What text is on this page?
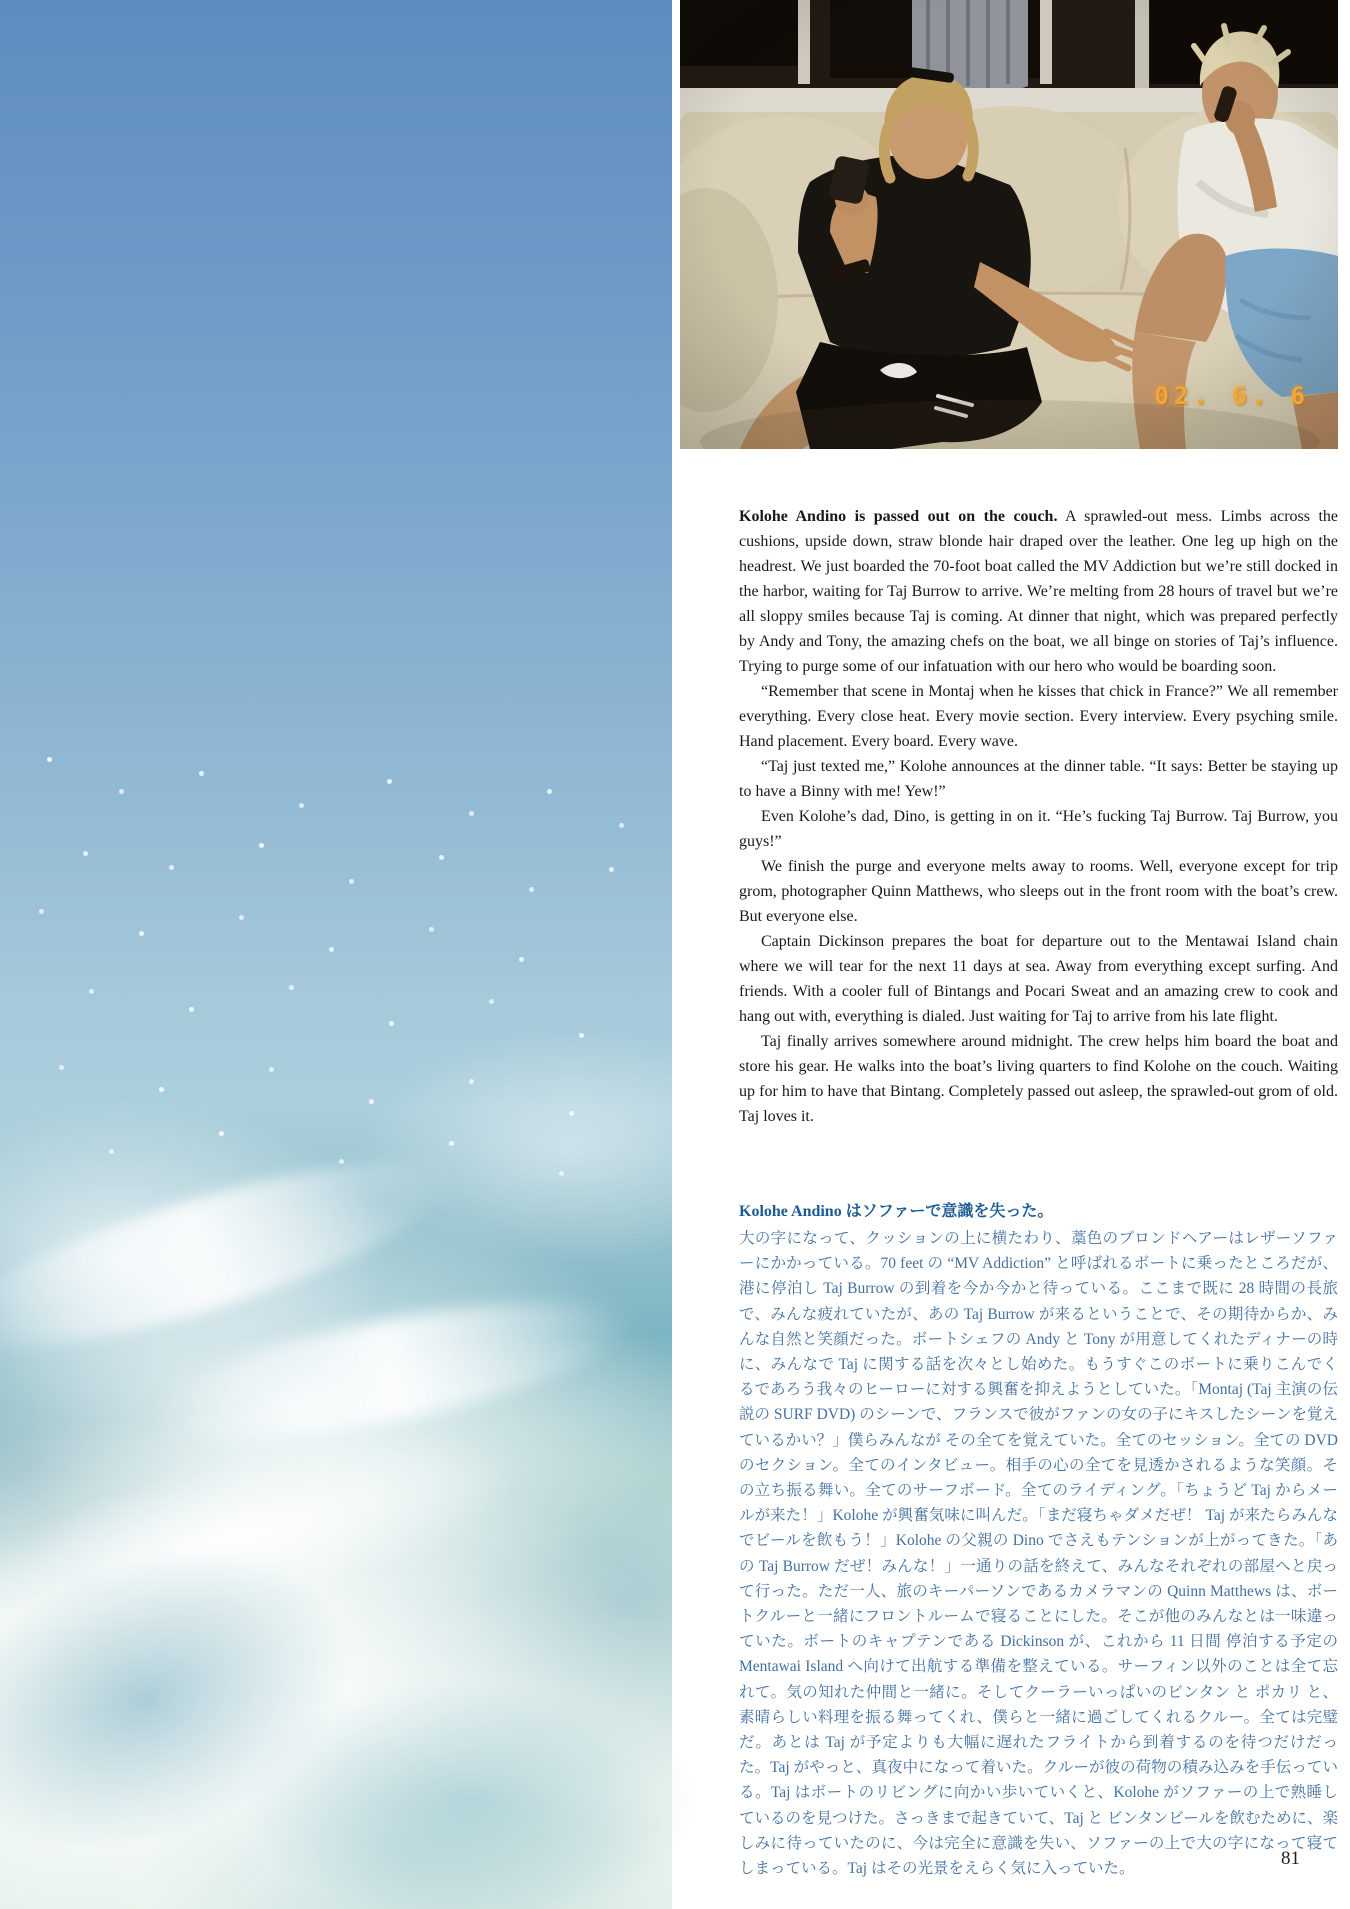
02. 6. 6

Kolohe Andino is passed out on the couch. A sprawled-out mess. Limbs across the cushions, upside down, straw blonde hair draped over the leather. One leg up high on the headrest. We just boarded the 70-foot boat called the MV Addiction but we’re still docked in the harbor, waiting for Taj Burrow to arrive. We’re melting from 28 hours of travel but we’re all sloppy smiles because Taj is coming. At dinner that night, which was prepared perfectly by Andy and Tony, the amazing chefs on the boat, we all binge on stories of Taj’s influence. Trying to purge some of our infatuation with our hero who would be boarding soon.

“Remember that scene in Montaj when he kisses that chick in France?” We all remember everything. Every close heat. Every movie section. Every interview. Every psyching smile. Hand placement. Every board. Every wave.

“Taj just texted me,” Kolohe announces at the dinner table. “It says: Better be staying up to have a Binny with me! Yew!”

Even Kolohe’s dad, Dino, is getting in on it. “He’s fucking Taj Burrow. Taj Burrow, you guys!”

We finish the purge and everyone melts away to rooms. Well, everyone except for trip grom, photographer Quinn Matthews, who sleeps out in the front room with the boat’s crew. But everyone else.

Captain Dickinson prepares the boat for departure out to the Mentawai Island chain where we will tear for the next 11 days at sea. Away from everything except surfing. And friends. With a cooler full of Bintangs and Pocari Sweat and an amazing crew to cook and hang out with, everything is dialed. Just waiting for Taj to arrive from his late flight.

Taj finally arrives somewhere around midnight. The crew helps him board the boat and store his gear. He walks into the boat’s living quarters to find Kolohe on the couch. Waiting up for him to have that Bintang. Completely passed out asleep, the sprawled-out grom of old. Taj loves it.

Kolohe Andino はソファーで意識を失った。
大の字になって、クッションの上に横たわり、藁色のブロンドヘアーはレザーソファーにかかっている。70 feet の “MV Addiction” と呼ばれるボートに乗ったところだが、港に停泊し Taj Burrow の到着を今か今かと待っている。ここまで既に 28 時間の長旅で、みんな疲れていたが、あの Taj Burrow が来るということで、その期待からか、みんな自然と笑顔だった。ボートシェフの Andy と Tony が用意してくれたディナーの時に、みんなで Taj に関する話を次々とし始めた。もうすぐこのボートに乗りこんでくるであろう我々のヒーローに対する興奮を抑えようとしていた。「Montaj (Taj 主演の伝説の SURF DVD) のシーンで、フランスで彼がファンの女の子にキスしたシーンを覚えているかい？」僕らみんなが その全てを覚えていた。全てのセッション。全ての DVD のセクション。全てのインタビュー。相手の心の全てを見透かされるような笑顔。その立ち振る舞い。全てのサーフボード。全てのライディング。「ちょうど Taj からメールが来た！」Kolohe が興奮気味に叫んだ。「まだ寝ちゃダメだぜ！ Taj が来たらみんなでビールを飲もう！」Kolohe の父親の Dino でさえもテンションが上がってきた。「あの Taj Burrow だぜ！みんな！」一通りの話を終えて、みんなそれぞれの部屋へと戻って行った。ただ一人、旅のキーパーソンであるカメラマンの Quinn Matthews は、ボートクルーと一緒にフロントルームで寝ることにした。そこが他のみんなとは一味違っていた。ボートのキャプテンである Dickinson が、これから 11 日間 停泊する予定の Mentawai Island へ向けて出航する準備を整えている。サーフィン以外のことは全て忘れて。気の知れた仲間と一緒に。そしてクーラーいっぱいのビンタン と ポカリ と、素晴らしい料理を振る舞ってくれ、僕らと一緒に過ごしてくれるクルー。全ては完璧だ。あとは Taj が予定よりも大幅に遅れたフライトから到着するのを待つだけだった。Taj がやっと、真夜中になって着いた。クルーが彼の荷物の積み込みを手伝っている。Taj はボートのリビングに向かい歩いていくと、Kolohe がソファーの上で熟睡しているのを見つけた。さっきまで起きていて、Taj と ビンタンビールを飲むために、楽しみに待っていたのに、今は完全に意識を失い、ソファーの上で大の字になって寝てしまっている。Taj はその光景をえらく気に入っていた。	81
